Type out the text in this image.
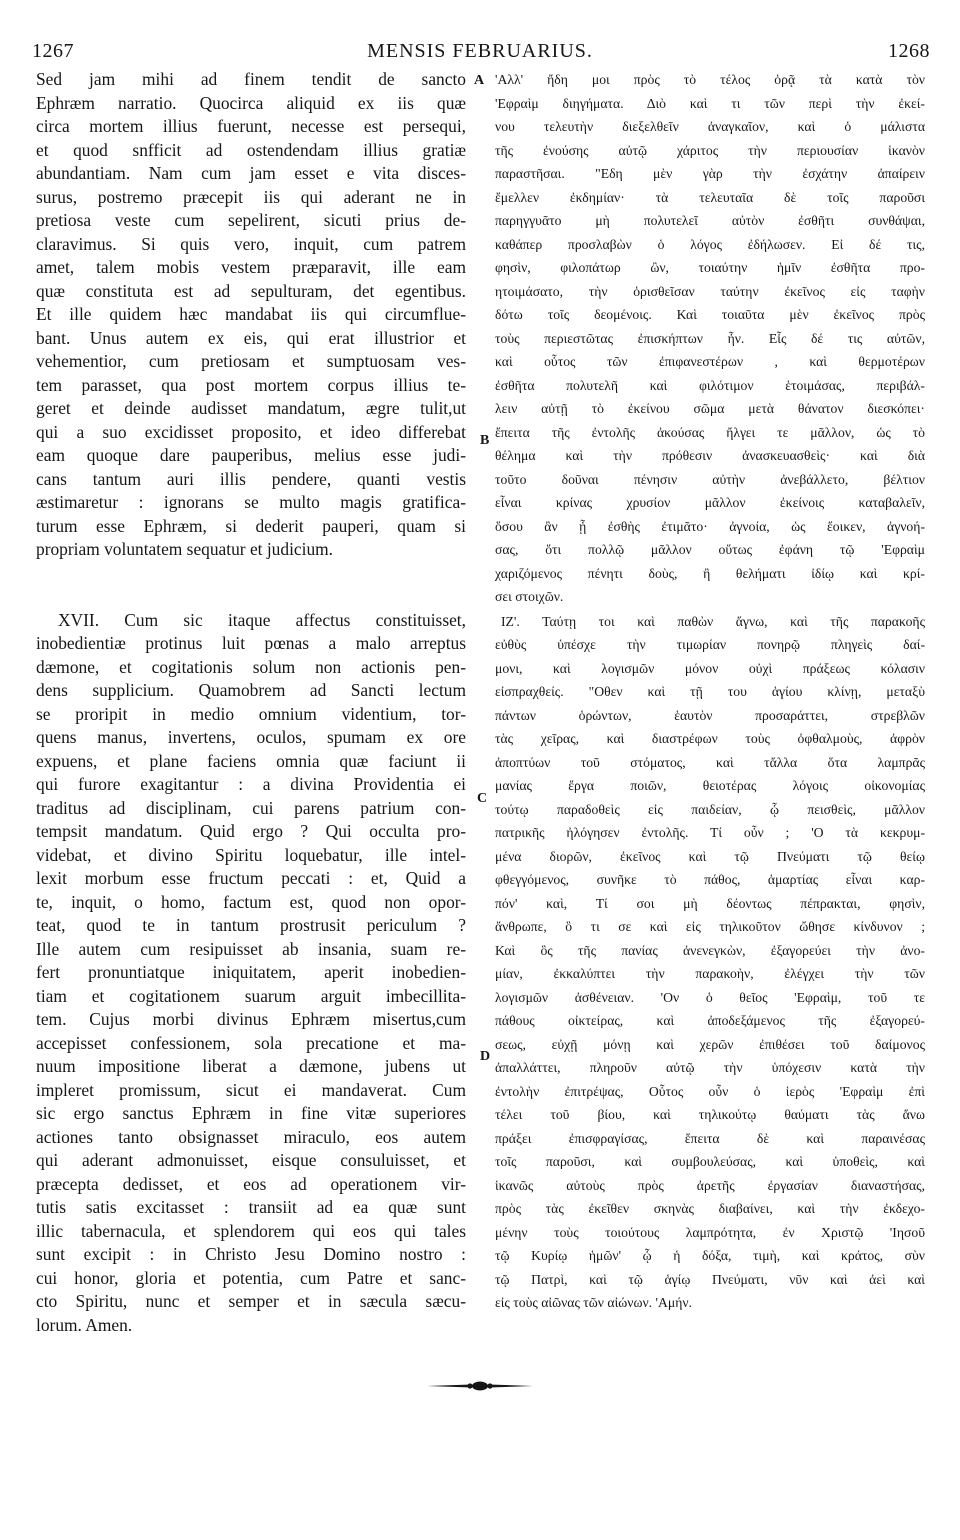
1267	MENSIS FEBRUARIUS.	1268
Sed jam mihi ad finem tendit de sancto
Ephræm narratio. Quocirca aliquid ex iis quæ
circa mortem illius fuerunt, necesse est persequi,
et quod snfficit ad ostendendam illius gratiæ
abundantiam. Nam cum jam esset e vita disces-
surus, postremo præcepit iis qui aderant ne in
pretiosa veste cum sepelirent, sicuti prius de-
claravimus. Si quis vero, inquit, cum patrem
amet, talem mobis vestem præparavit, ille eam
quæ constituta est ad sepulturam, det egentibus.
Et ille quidem hæc mandabat iis qui circumflue-
bant. Unus autem ex eis, qui erat illustrior et
vehementior, cum pretiosam et sumptuosam ves-
tem parasset, qua post mortem corpus illius te-
geret et deinde audisset mandatum, ægre tulit,ut
qui a suo excidisset proposito, et ideo differebat
eam quoque dare pauperibus, melius esse judi-
cans tantum auri illis pendere, quanti vestis
æstimaretur : ignorans se multo magis gratifica-
turum esse Ephræm, si dederit pauperi, quam si
propriam voluntatem sequatur et judicium.
XVII. Cum sic itaque affectus constituisset,
inobedientiæ protinus luit pœnas a malo arreptus
dæmone, et cogitationis solum non actionis pen-
dens supplicium. Quamobrem ad Sancti lectum
se proripit in medio omnium videntium, tor-
quens manus, invertens, oculos, spumam ex ore
expuens, et plane faciens omnia quæ faciunt ii
qui furore exagitantur : a divina Providentia ei
traditus ad disciplinam, cui parens patrium con-
tempsit mandatum. Quid ergo ? Qui occulta pro-
videbat, et divino Spiritu loquebatur, ille intel-
lexit morbum esse fructum peccati : et, Quid a
te, inquit, o homo, factum est, quod non opor-
teat, quod te in tantum prostrusit periculum ?
Ille autem cum resipuisset ab insania, suam re-
fert pronuntiatque iniquitatem, aperit inobedien-
tiam et cogitationem suarum arguit imbecillita-
tem. Cujus morbi divinus Ephræm misertus,cum
accepisset confessionem, sola precatione et ma-
nuum impositione liberat a dæmone, jubens ut
impleret promissum, sicut ei mandaverat. Cum
sic ergo sanctus Ephræm in fine vitæ superiores
actiones tanto obsignasset miraculo, eos autem
qui aderant admonuisset, eisque consuluisset, et
præcepta dedisset, et eos ad operationem vir-
tutis satis excitasset : transiit ad ea quæ sunt
illic tabernacula, et splendorem qui eos qui tales
sunt excipit : in Christo Jesu Domino nostro :
cui honor, gloria et potentia, cum Patre et sanc-
cto Spiritu, nunc et semper et in sæcula sæcu-
lorum. Amen.
'Αλλ' ἤδη μοι πρὸς τὸ τέλος ὁρᾷ τὰ κατὰ τὸν
'Εφραὶμ διηγήματα. Διὸ καὶ τι τῶν περὶ τὴν ἐκεί-
νου τελευτὴν διεξελθεῖν ἀναγκαῖον, καὶ ὁ μάλιστα
τῆς ἐνούσης αὐτῷ χάριτος τὴν περιουσίαν ἱκανὸν
παραστῆσαι. "Εδη μὲν γὰρ τὴν ἐσχάτην ἀπαίρειν
ἔμελλεν ἐκδημίαν· τὰ τελευταῖα δὲ τοῖς παροῦσι
παρηγγυᾶτο μὴ πολυτελεῖ αὐτὸν ἐσθῆτι συνθάψαι,
καθάπερ προσλαβὼν ὁ λόγος ἐδήλωσεν. Εἰ δέ τις,
φησὶν, φιλοπάτωρ ὢν, τοιαύτην ἡμῖν ἐσθῆτα προ-
ητοιμάσατο, τὴν ὁρισθεῖσαν ταύτην ἐκεῖνος εἰς ταφὴν
δότω τοῖς δεομένοις. Καὶ τοιαῦτα μὲν ἐκεῖνος πρὸς
τοὺς περιεστῶτας ἐπισκήπτων ἦν. Εἷς δέ τις αὐτῶν,
καὶ οὗτος τῶν ἐπιφανεστέρων , καὶ θερμοτέρων
ἐσθῆτα πολυτελῆ καὶ φιλότιμον ἑτοιμάσας, περιβάλ-
λειν αὐτῇ τὸ ἐκείνου σῶμα μετὰ θάνατον διεσκόπει·
ἔπειτα τῆς ἐντολῆς ἀκούσας ἤλγει τε μᾶλλον, ὡς τὸ
θέλημα καὶ τὴν πρόθεσιν ἀνασκευασθεὶς· καὶ διὰ
τοῦτο δοῦναι πένησιν αὐτὴν ἀνεβάλλετο, βέλτιον
εἶναι κρίνας χρυσίον μᾶλλον ἐκείνοις καταβαλεῖν,
ὅσου ἂν ᾖ ἐσθὴς ἐτιμᾶτο· ἀγνοία, ὡς ἔοικεν, ἀγνοή-
σας, ὅτι πολλῷ μᾶλλον οὕτως ἐφάνη τῷ 'Εφραὶμ
χαριζόμενος πένητι δοὺς, ἢ θελήματι ἰδίῳ καὶ κρί-
σει στοιχῶν.
ΙΖ'. Ταύτῃ τοι καὶ παθὼν ἄγνω, καὶ τῆς παρακοῆς
εὐθὺς ὑπέσχε τὴν τιμωρίαν πονηρῷ πληγεὶς δαί-
μονι, καὶ λογισμῶν μόνον οὐχὶ πράξεως κόλασιν
εἰσπραχθείς. "Οθεν καὶ τῇ του ἁγίου κλίνῃ, μεταξὺ
πάντων ὁρώντων, ἑαυτὸν προσαράττει, στρεβλῶν
τὰς χεῖρας, καὶ διαστρέφων τοὺς ὀφθαλμοὺς, ἀφρὸν
ἀποπτύων τοῦ στόματος, καὶ τἄλλα ὅτα λαμπρᾶς
μανίας ἔργα ποιῶν, θειοτέρας λόγοις οἰκονομίας
τούτῳ παραδοθεὶς εἰς παιδείαν, ᾧ πεισθεὶς, μᾶλλον
πατρικῆς ἠλόγησεν ἐντολῆς. Τί οὖν ; 'Ο τὰ κεκρυμ-
μένα διορῶν, ἐκεῖνος καὶ τῷ Πνεύματι τῷ θείῳ
φθεγγόμενος, συνῆκε τὸ πάθος, ἁμαρτίας εἶναι καρ-
πόν' καὶ, Τί σοι μὴ δέοντως πέπρακται, φησὶν,
ἄνθρωπε, ὃ τι σε καὶ εἰς τηλικοῦτον ὤθησε κίνδυνον ;
Καὶ ὃς τῆς πανίας ἀνενεγκὼν, ἐξαγορεύει τὴν ἀνο-
μίαν, ἐκκαλύπτει τὴν παρακοὴν, ἐλέγχει τὴν τῶν
λογισμῶν ἀσθένειαν. 'Ον ὁ θεῖος 'Εφραὶμ, τοῦ τε
πάθους οἰκτείρας, καὶ ἀποδεξάμενος τῆς ἐξαγορεύ-
σεως, εὐχῇ μόνῃ καὶ χερῶν ἐπιθέσει τοῦ δαίμονος
ἀπαλλάττει, πληροῦν αὐτῷ τὴν ὑπόχεσιν κατὰ τὴν
ἐντολὴν ἐπιτρέψας, Οὗτος οὖν ὁ ἱερὸς 'Εφραὶμ ἐπὶ
τέλει τοῦ βίου, καὶ τηλικούτῳ θαύματι τὰς ἄνω
πράξει ἐπισφραγίσας, ἔπειτα δὲ καὶ παραινέσας
τοῖς παροῦσι, καὶ συμβουλεύσας, καὶ ὑποθεὶς, καὶ
ἱκανῶς αὐτοὺς πρὸς ἀρετῆς ἐργασίαν διαναστήσας,
πρὸς τὰς ἐκεῖθεν σκηνὰς διαβαίνει, καὶ τὴν ἐκδεχο-
μένην τοὺς τοιούτους λαμπρότητα, ἐν Χριστῷ 'Ιησοῦ
τῷ Κυρίῳ ἡμῶν' ᾧ ἡ δόξα, τιμὴ, καὶ κράτος, σὺν
τῷ Πατρὶ, καὶ τῷ ἁγίῳ Πνεύματι, νῦν καὶ ἀεὶ καὶ
εἰς τοὺς αἰῶνας τῶν αἰώνων. 'Αμήν.
A
B
C
D
